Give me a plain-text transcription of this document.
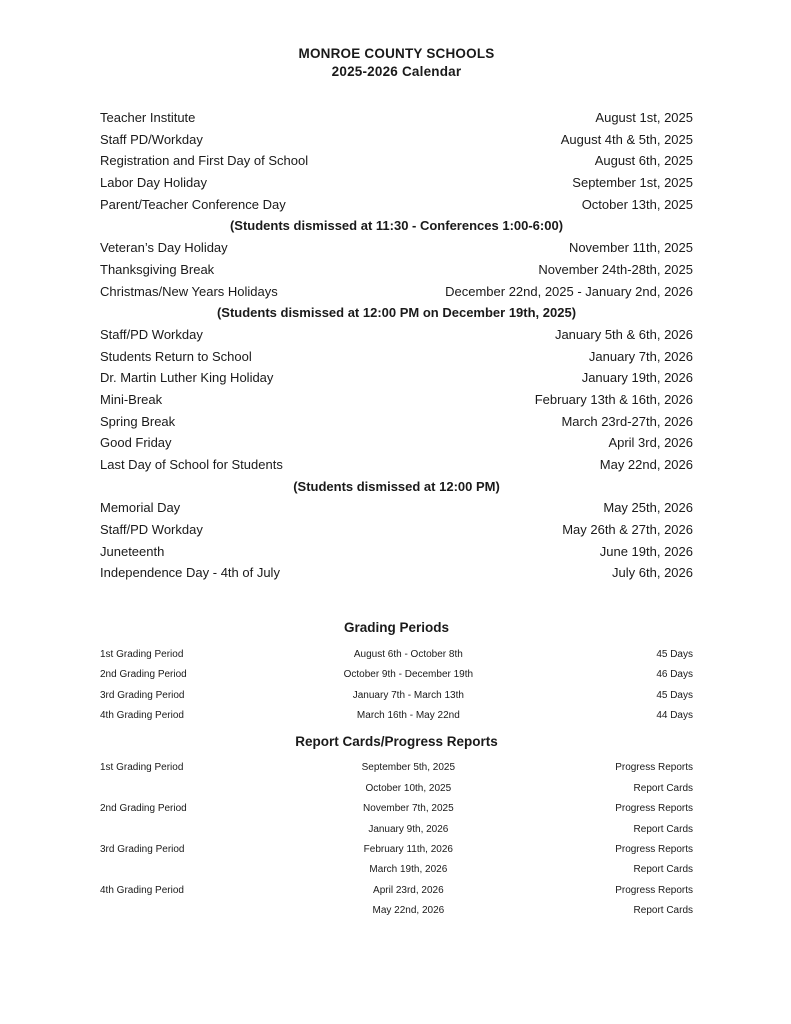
MONROE COUNTY SCHOOLS
2025-2026 Calendar
Teacher Institute	August 1st, 2025
Staff PD/Workday	August 4th & 5th, 2025
Registration and First Day of School	August 6th, 2025
Labor Day Holiday	September 1st, 2025
Parent/Teacher Conference Day	October 13th, 2025
(Students dismissed at 11:30 - Conferences 1:00-6:00)
Veteran’s Day Holiday	November 11th, 2025
Thanksgiving Break	November 24th-28th, 2025
Christmas/New Years Holidays	December 22nd, 2025 - January 2nd, 2026
(Students dismissed at 12:00 PM on December 19th, 2025)
Staff/PD Workday	January 5th & 6th, 2026
Students Return to School	January 7th, 2026
Dr. Martin Luther King Holiday	January 19th, 2026
Mini-Break	February 13th & 16th, 2026
Spring Break	March 23rd-27th, 2026
Good Friday	April 3rd, 2026
Last Day of School for Students	May 22nd, 2026
(Students dismissed at 12:00 PM)
Memorial Day	May 25th, 2026
Staff/PD Workday	May 26th & 27th, 2026
Juneteenth	June 19th, 2026
Independence Day - 4th of July	July 6th, 2026
Grading Periods
1st Grading Period	August 6th - October 8th	45 Days
2nd Grading Period	October 9th - December 19th	46 Days
3rd Grading Period	January 7th - March 13th	45 Days
4th Grading Period	March 16th - May 22nd	44 Days
Report Cards/Progress Reports
1st Grading Period	September 5th, 2025	Progress Reports
	October 10th, 2025	Report Cards
2nd Grading Period	November 7th, 2025	Progress Reports
	January 9th, 2026	Report Cards
3rd Grading Period	February 11th, 2026	Progress Reports
	March 19th, 2026	Report Cards
4th Grading Period	April 23rd, 2026	Progress Reports
	May 22nd, 2026	Report Cards
